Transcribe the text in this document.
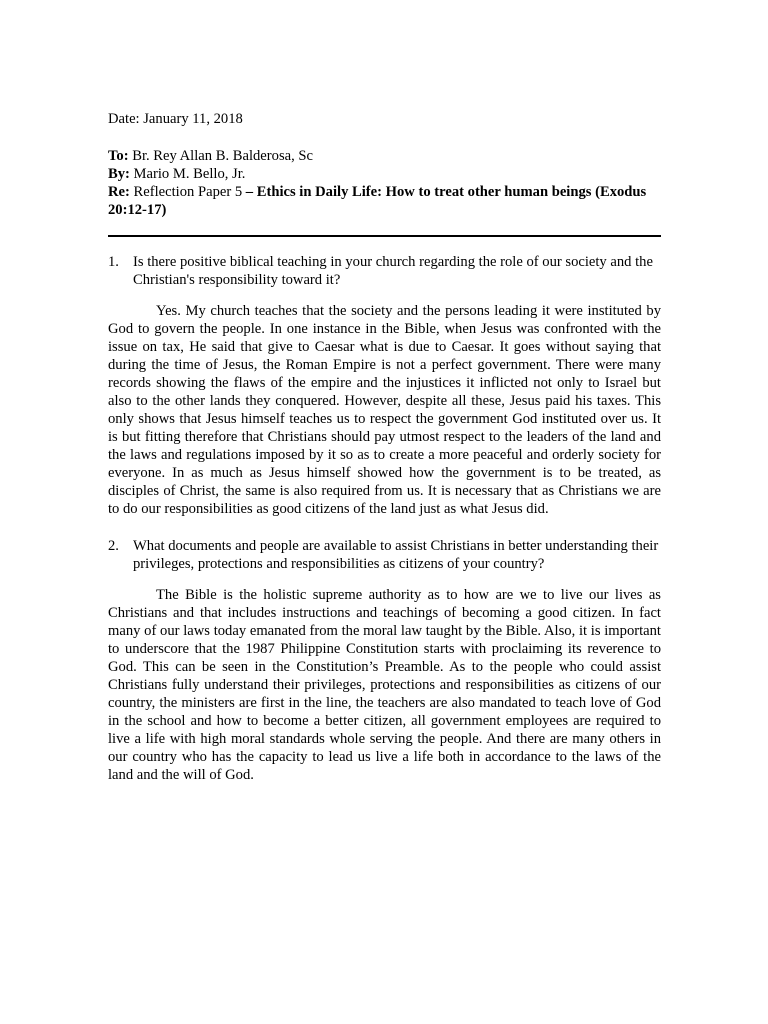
Date: January 11, 2018

To: Br. Rey Allan B. Balderosa, Sc

By: Mario M. Bello, Jr.

Re: Reflection Paper 5 – Ethics in Daily Life: How to treat other human beings (Exodus 20:12-17)

1. Is there positive biblical teaching in your church regarding the role of our society and the Christian's responsibility toward it?

Yes. My church teaches that the society and the persons leading it were instituted by God to govern the people. In one instance in the Bible, when Jesus was confronted with the issue on tax, He said that give to Caesar what is due to Caesar. It goes without saying that during the time of Jesus, the Roman Empire is not a perfect government. There were many records showing the flaws of the empire and the injustices it inflicted not only to Israel but also to the other lands they conquered. However, despite all these, Jesus paid his taxes. This only shows that Jesus himself teaches us to respect the government God instituted over us. It is but fitting therefore that Christians should pay utmost respect to the leaders of the land and the laws and regulations imposed by it so as to create a more peaceful and orderly society for everyone. In as much as Jesus himself showed how the government is to be treated, as disciples of Christ, the same is also required from us. It is necessary that as Christians we are to do our responsibilities as good citizens of the land just as what Jesus did.

2. What documents and people are available to assist Christians in better understanding their privileges, protections and responsibilities as citizens of your country?

The Bible is the holistic supreme authority as to how are we to live our lives as Christians and that includes instructions and teachings of becoming a good citizen. In fact many of our laws today emanated from the moral law taught by the Bible. Also, it is important to underscore that the 1987 Philippine Constitution starts with proclaiming its reverence to God. This can be seen in the Constitution’s Preamble. As to the people who could assist Christians fully understand their privileges, protections and responsibilities as citizens of our country, the ministers are first in the line, the teachers are also mandated to teach love of God in the school and how to become a better citizen, all government employees are required to live a life with high moral standards whole serving the people. And there are many others in our country who has the capacity to lead us live a life both in accordance to the laws of the land and the will of God.
